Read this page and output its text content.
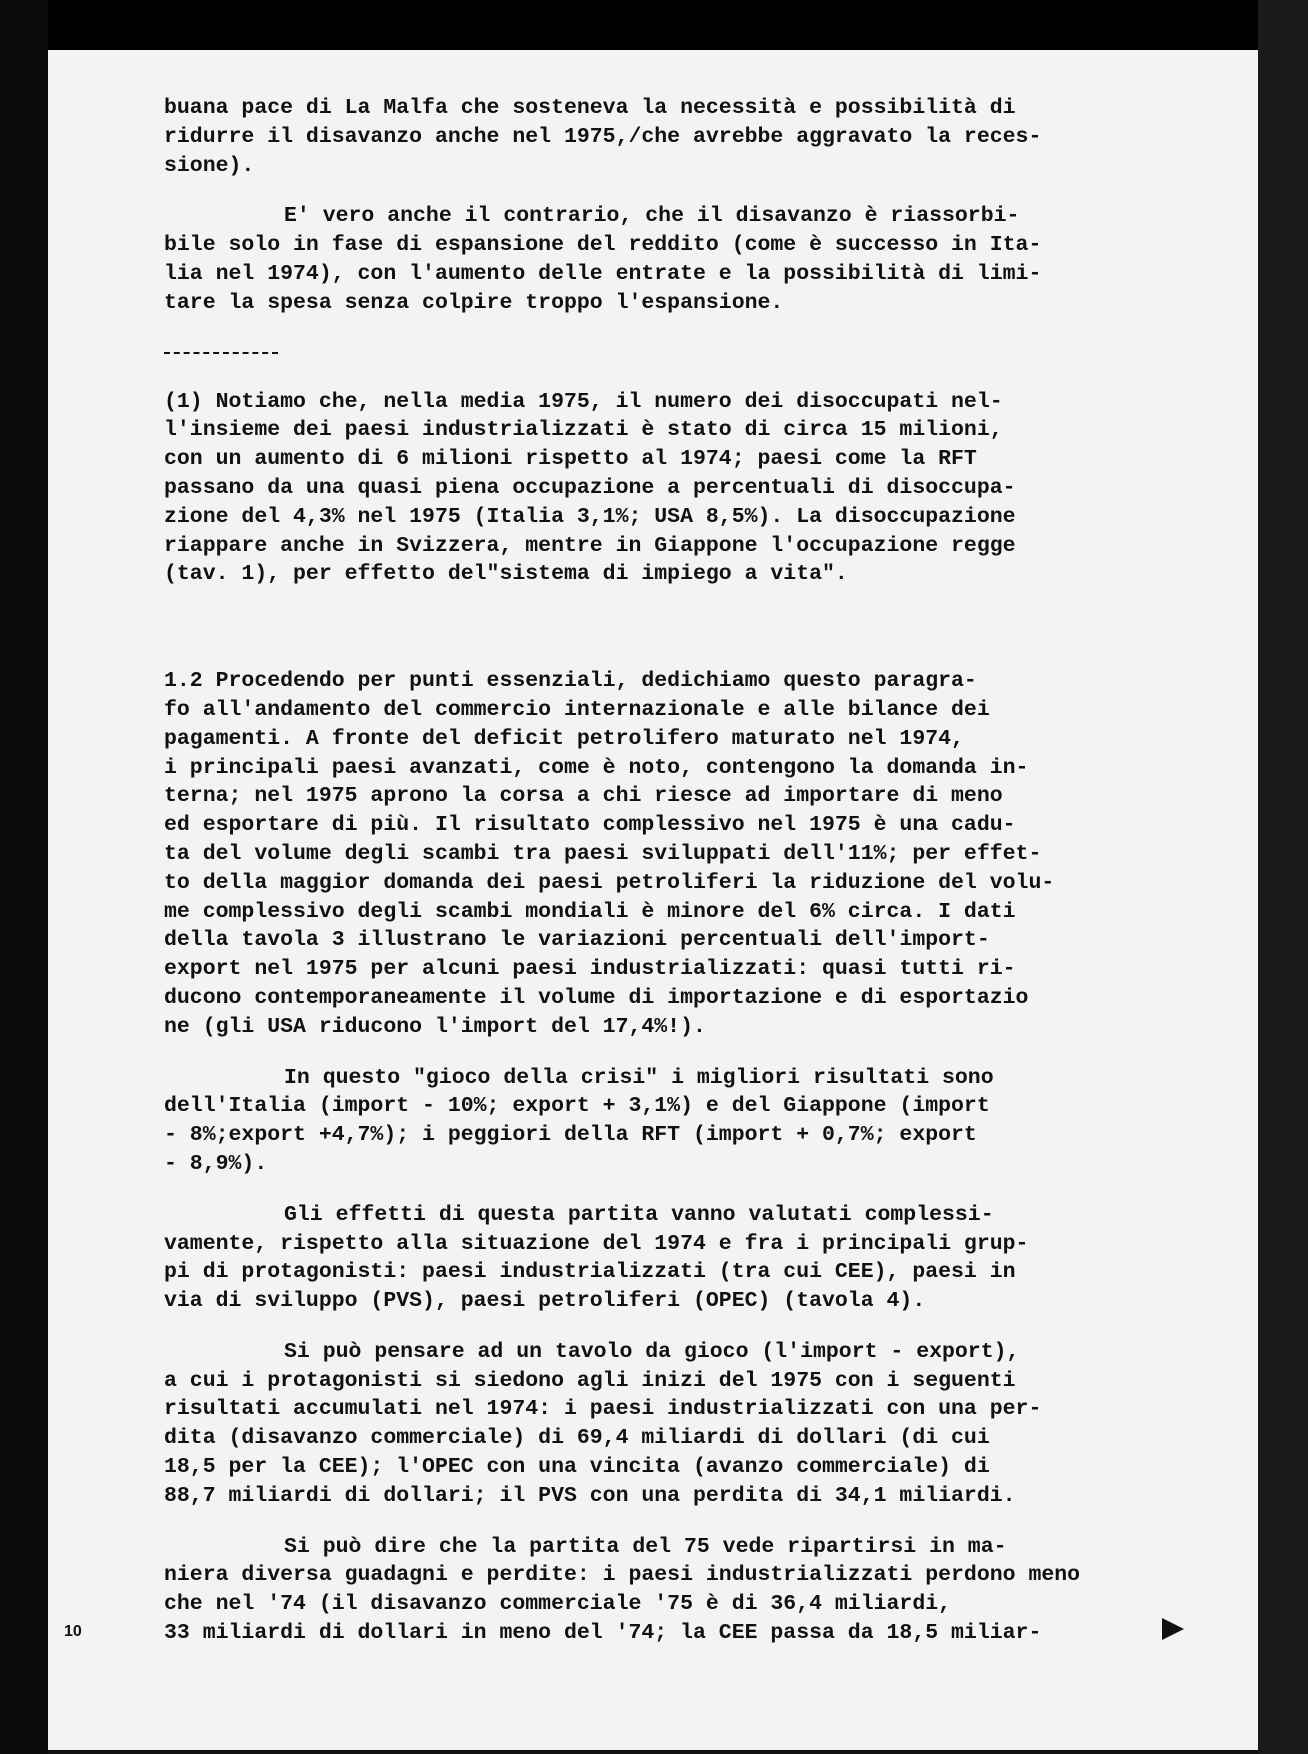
buana pace di La Malfa che sosteneva la necessità e possibilità di
ridurre il disavanzo anche nel 1975,/che avrebbe aggravato la reces-
sione).

E' vero anche il contrario, che il disavanzo è riassorbi-
bile solo in fase di espansione del reddito (come è successo in Ita-
lia nel 1974), con l'aumento delle entrate e la possibilità di limi-
tare la spesa senza colpire troppo l'espansione.

(1) Notiamo che, nella media 1975, il numero dei disoccupati nel-
l'insieme dei paesi industrializzati è stato di circa 15 milioni,
con un aumento di 6 milioni rispetto al 1974; paesi come la RFT
passano da una quasi piena occupazione a percentuali di disoccupa-
zione del 4,3% nel 1975 (Italia 3,1%; USA 8,5%). La disoccupazione
riappare anche in Svizzera, mentre in Giappone l'occupazione regge
(tav. 1), per effetto del"sistema di impiego a vita".

1.2 Procedendo per punti essenziali, dedichiamo questo paragra-
fo all'andamento del commercio internazionale e alle bilance dei
pagamenti. A fronte del deficit petrolifero maturato nel 1974,
i principali paesi avanzati, come è noto, contengono la domanda in-
terna; nel 1975 aprono la corsa a chi riesce ad importare di meno
ed esportare di più. Il risultato complessivo nel 1975 è una cadu-
ta del volume degli scambi tra paesi sviluppati dell'11%; per effet-
to della maggior domanda dei paesi petroliferi la riduzione del volu-
me complessivo degli scambi mondiali è minore del 6% circa. I dati
della tavola 3 illustrano le variazioni percentuali dell'import-
export nel 1975 per alcuni paesi industrializzati: quasi tutti ri-
ducono contemporaneamente il volume di importazione e di esportazio
ne (gli USA riducono l'import del 17,4%!).

In questo "gioco della crisi" i migliori risultati sono
dell'Italia (import - 10%; export + 3,1%) e del Giappone (import
- 8%;export +4,7%); i peggiori della RFT (import + 0,7%; export
- 8,9%).

Gli effetti di questa partita vanno valutati complessi-
vamente, rispetto alla situazione del 1974 e fra i principali grup-
pi di protagonisti: paesi industrializzati (tra cui CEE), paesi in
via di sviluppo (PVS), paesi petroliferi (OPEC) (tavola 4).

Si può pensare ad un tavolo da gioco (l'import - export),
a cui i protagonisti si siedono agli inizi del 1975 con i seguenti
risultati accumulati nel 1974: i paesi industrializzati con una per-
dita (disavanzo commerciale) di 69,4 miliardi di dollari (di cui
18,5 per la CEE); l'OPEC con una vincita (avanzo commerciale) di
88,7 miliardi di dollari; il PVS con una perdita di 34,1 miliardi.

Si può dire che la partita del 75 vede ripartirsi in ma-
niera diversa guadagni e perdite: i paesi industrializzati perdono meno
che nel '74 (il disavanzo commerciale '75 è di 36,4 miliardi,
33 miliardi di dollari in meno del '74; la CEE passa da 18,5 miliar-

10
